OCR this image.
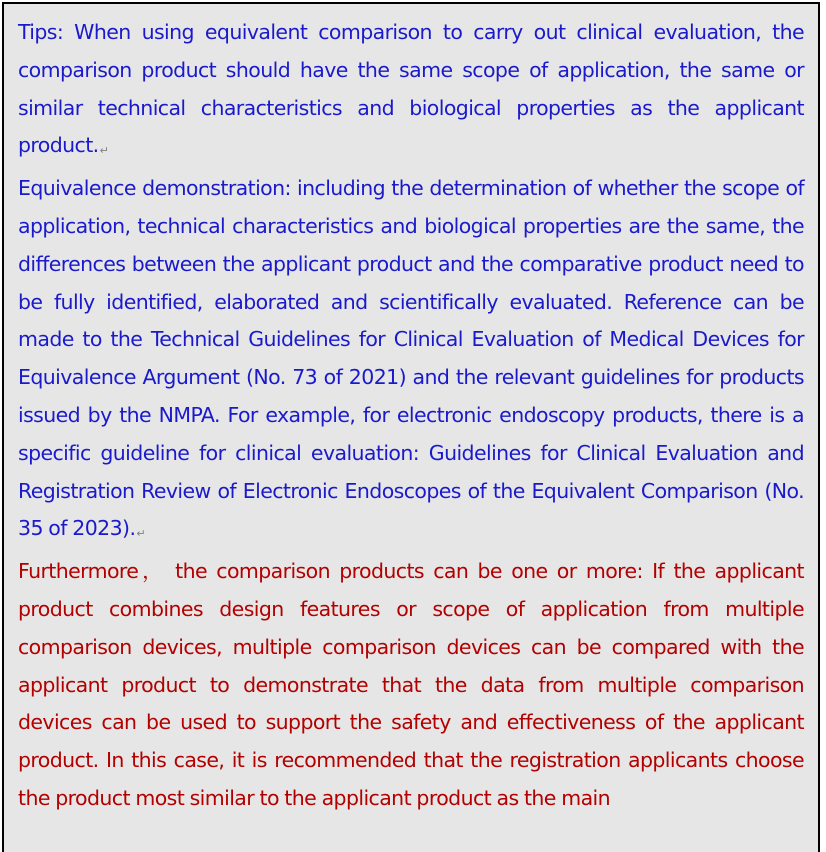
Tips: When using equivalent comparison to carry out clinical evaluation, the comparison product should have the same scope of application, the same or similar technical characteristics and biological properties as the applicant product.↵

Equivalence demonstration: including the determination of whether the scope of application, technical characteristics and biological properties are the same, the differences between the applicant product and the comparative product need to be fully identified, elaborated and scientifically evaluated. Reference can be made to the Technical Guidelines for Clinical Evaluation of Medical Devices for Equivalence Argument (No. 73 of 2021) and the relevant guidelines for products issued by the NMPA. For example, for electronic endoscopy products, there is a specific guideline for clinical evaluation: Guidelines for Clinical Evaluation and Registration Review of Electronic Endoscopes of the Equivalent Comparison (No. 35 of 2023).↵

Furthermore， the comparison products can be one or more: If the applicant product combines design features or scope of application from multiple comparison devices, multiple comparison devices can be compared with the applicant product to demonstrate that the data from multiple comparison devices can be used to support the safety and effectiveness of the applicant product. In this case, it is recommended that the registration applicants choose the product most similar to the applicant product as the main
